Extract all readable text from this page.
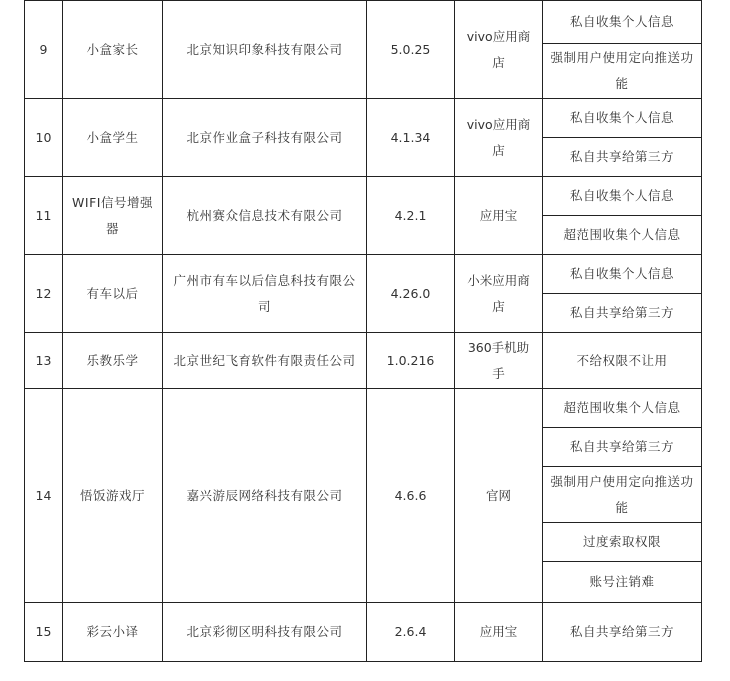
9	小盒家长	北京知识印象科技有限公司	5.0.25	vivo应用商店	私自收集个人信息
					强制用户使用定向推送功能
10	小盒学生	北京作业盒子科技有限公司	4.1.34	vivo应用商店	私自收集个人信息
					私自共享给第三方
11	WIFI信号增强器	杭州赛众信息技术有限公司	4.2.1	应用宝	私自收集个人信息
					超范围收集个人信息
12	有车以后	广州市有车以后信息科技有限公司	4.26.0	小米应用商店	私自收集个人信息
					私自共享给第三方
13	乐教乐学	北京世纪飞育软件有限责任公司	1.0.216	360手机助手	不给权限不让用
14	悟饭游戏厅	嘉兴游辰网络科技有限公司	4.6.6	官网	超范围收集个人信息
					私自共享给第三方
					强制用户使用定向推送功能
					过度索取权限
					账号注销难
15	彩云小译	北京彩彻区明科技有限公司	2.6.4	应用宝	私自共享给第三方
